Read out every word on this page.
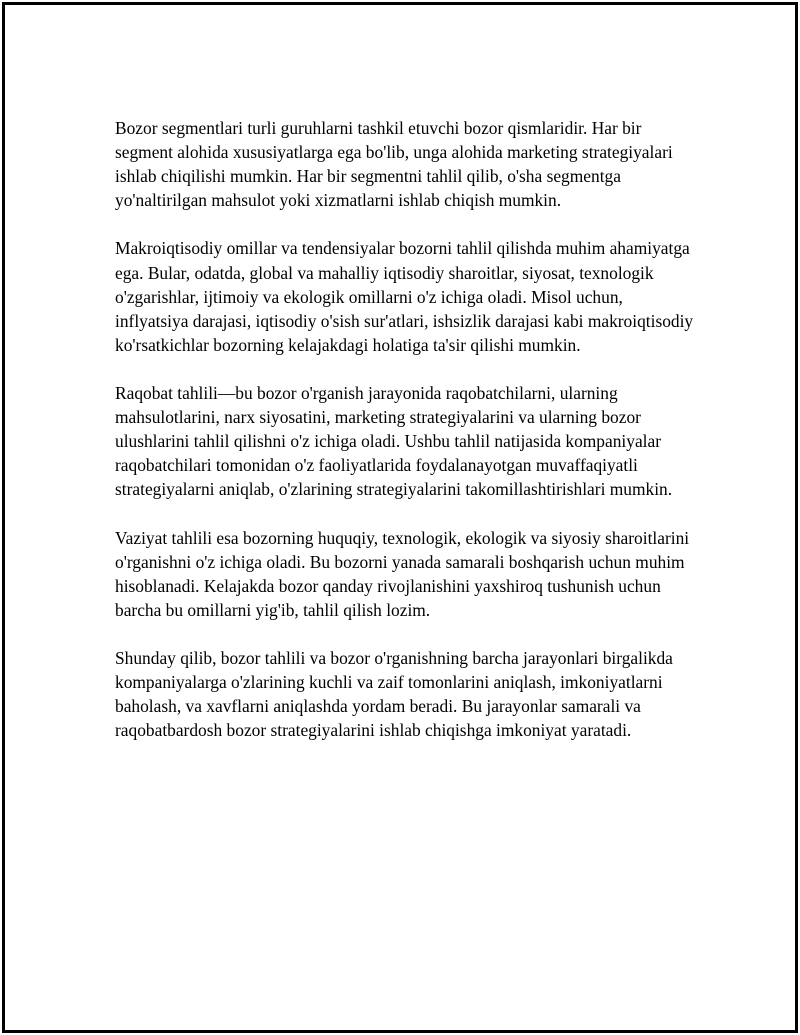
Bozor segmentlari turli guruhlarni tashkil etuvchi bozor qismlaridir. Har bir segment alohida xususiyatlarga ega bo'lib, unga alohida marketing strategiyalari ishlab chiqilishi mumkin. Har bir segmentni tahlil qilib, o'sha segmentga yo'naltirilgan mahsulot yoki xizmatlarni ishlab chiqish mumkin.

Makroiqtisodiy omillar va tendensiyalar bozorni tahlil qilishda muhim ahamiyatga ega. Bular, odatda, global va mahalliy iqtisodiy sharoitlar, siyosat, texnologik o'zgarishlar, ijtimoiy va ekologik omillarni o'z ichiga oladi. Misol uchun, inflyatsiya darajasi, iqtisodiy o'sish sur'atlari, ishsizlik darajasi kabi makroiqtisodiy ko'rsatkichlar bozorning kelajakdagi holatiga ta'sir qilishi mumkin.

Raqobat tahlili—bu bozor o'rganish jarayonida raqobatchilarni, ularning mahsulotlarini, narx siyosatini, marketing strategiyalarini va ularning bozor ulushlarini tahlil qilishni o'z ichiga oladi. Ushbu tahlil natijasida kompaniyalar raqobatchilari tomonidan o'z faoliyatlarida foydalanayotgan muvaffaqiyatli strategiyalarni aniqlab, o'zlarining strategiyalarini takomillashtirishlari mumkin.

Vaziyat tahlili esa bozorning huquqiy, texnologik, ekologik va siyosiy sharoitlarini o'rganishni o'z ichiga oladi. Bu bozorni yanada samarali boshqarish uchun muhim hisoblanadi. Kelajakda bozor qanday rivojlanishini yaxshiroq tushunish uchun barcha bu omillarni yig'ib, tahlil qilish lozim.

Shunday qilib, bozor tahlili va bozor o'rganishning barcha jarayonlari birgalikda kompaniyalarga o'zlarining kuchli va zaif tomonlarini aniqlash, imkoniyatlarni baholash, va xavflarni aniqlashda yordam beradi. Bu jarayonlar samarali va raqobatbardosh bozor strategiyalarini ishlab chiqishga imkoniyat yaratadi.
